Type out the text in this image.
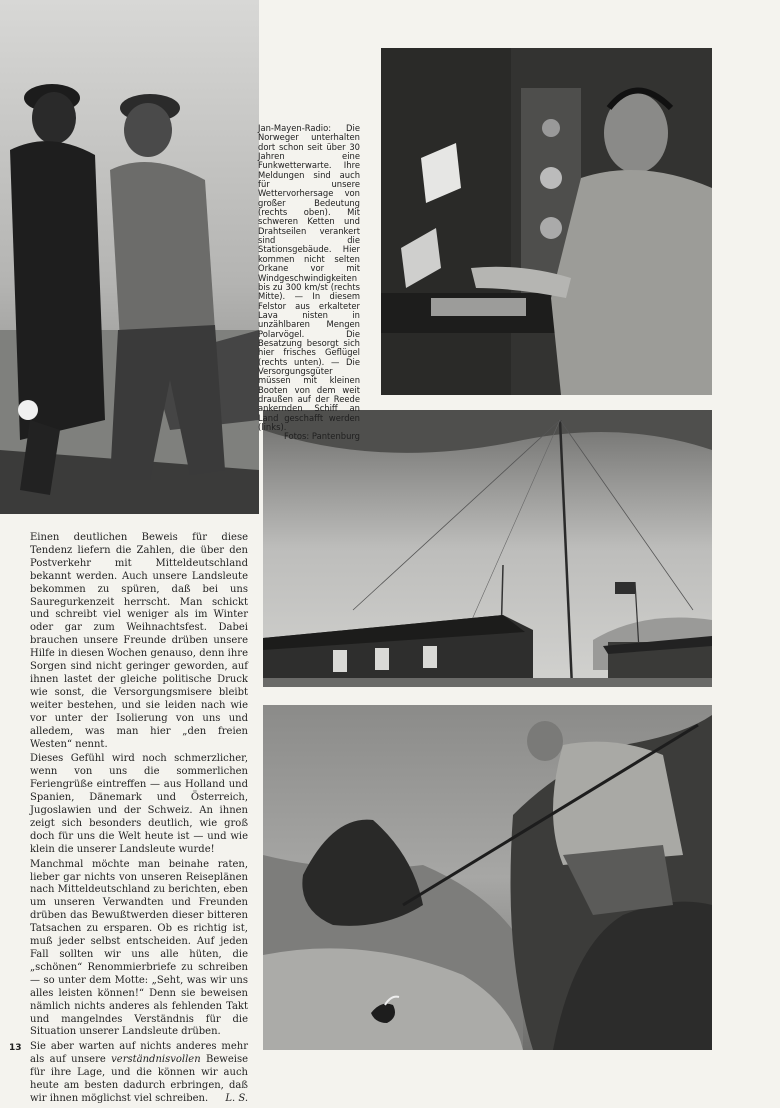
Jan-Mayen-Radio: Die Norweger unterhalten dort schon seit über 30 Jahren eine Funkwetterwarte. Ihre Meldungen sind auch für unsere Wettervorhersage von großer Bedeutung (rechts oben). Mit schweren Ketten und Drahtseilen verankert sind die Stationsgebäude. Hier kommen nicht selten Orkane vor mit Windgeschwindigkeiten bis zu 300 km/st (rechts Mitte). — In diesem Felstor aus erkalteter Lava nisten in unzählbaren Mengen Polarvögel. Die Besatzung besorgt sich hier frisches Geflügel (rechts unten). — Die Versorgungsgüter müssen mit kleinen Booten von dem weit draußen auf der Reede ankernden Schiff an Land geschafft werden (links).
Fotos: Pantenburg

Einen deutlichen Beweis für diese Tendenz liefern die Zahlen, die über den Postverkehr mit Mitteldeutschland bekannt werden. Auch unsere Landsleute bekommen zu spüren, daß bei uns Sauregurkenzeit herrscht. Man schickt und schreibt viel weniger als im Winter oder gar zum Weihnachtsfest. Dabei brauchen unsere Freunde drüben unsere Hilfe in diesen Wochen genauso, denn ihre Sorgen sind nicht geringer geworden, auf ihnen lastet der gleiche politische Druck wie sonst, die Versorgungsmisere bleibt weiter bestehen, und sie leiden nach wie vor unter der Isolierung von uns und alledem, was man hier „den freien Westen“ nennt.

Dieses Gefühl wird noch schmerzlicher, wenn von uns die sommerlichen Feriengrüße eintreffen — aus Holland und Spanien, Dänemark und Österreich, Jugoslawien und der Schweiz. An ihnen zeigt sich besonders deutlich, wie groß doch für uns die Welt heute ist — und wie klein die unserer Landsleute wurde!

Manchmal möchte man beinahe raten, lieber gar nichts von unseren Reiseplänen nach Mitteldeutschland zu berichten, eben um unseren Verwandten und Freunden drüben das Bewußtwerden dieser bitteren Tatsachen zu ersparen. Ob es richtig ist, muß jeder selbst entscheiden. Auf jeden Fall sollten wir uns alle hüten, die „schönen“ Renommierbriefe zu schreiben — so unter dem Motte: „Seht, was wir uns alles leisten können!“ Denn sie beweisen nämlich nichts anderes als fehlenden Takt und mangelndes Verständnis für die Situation unserer Landsleute drüben.

Sie aber warten auf nichts anderes mehr als auf unsere verständnisvollen Beweise für ihre Lage, und die können wir auch heute am besten dadurch erbringen, daß wir ihnen möglichst viel schreiben. L. S.

13
